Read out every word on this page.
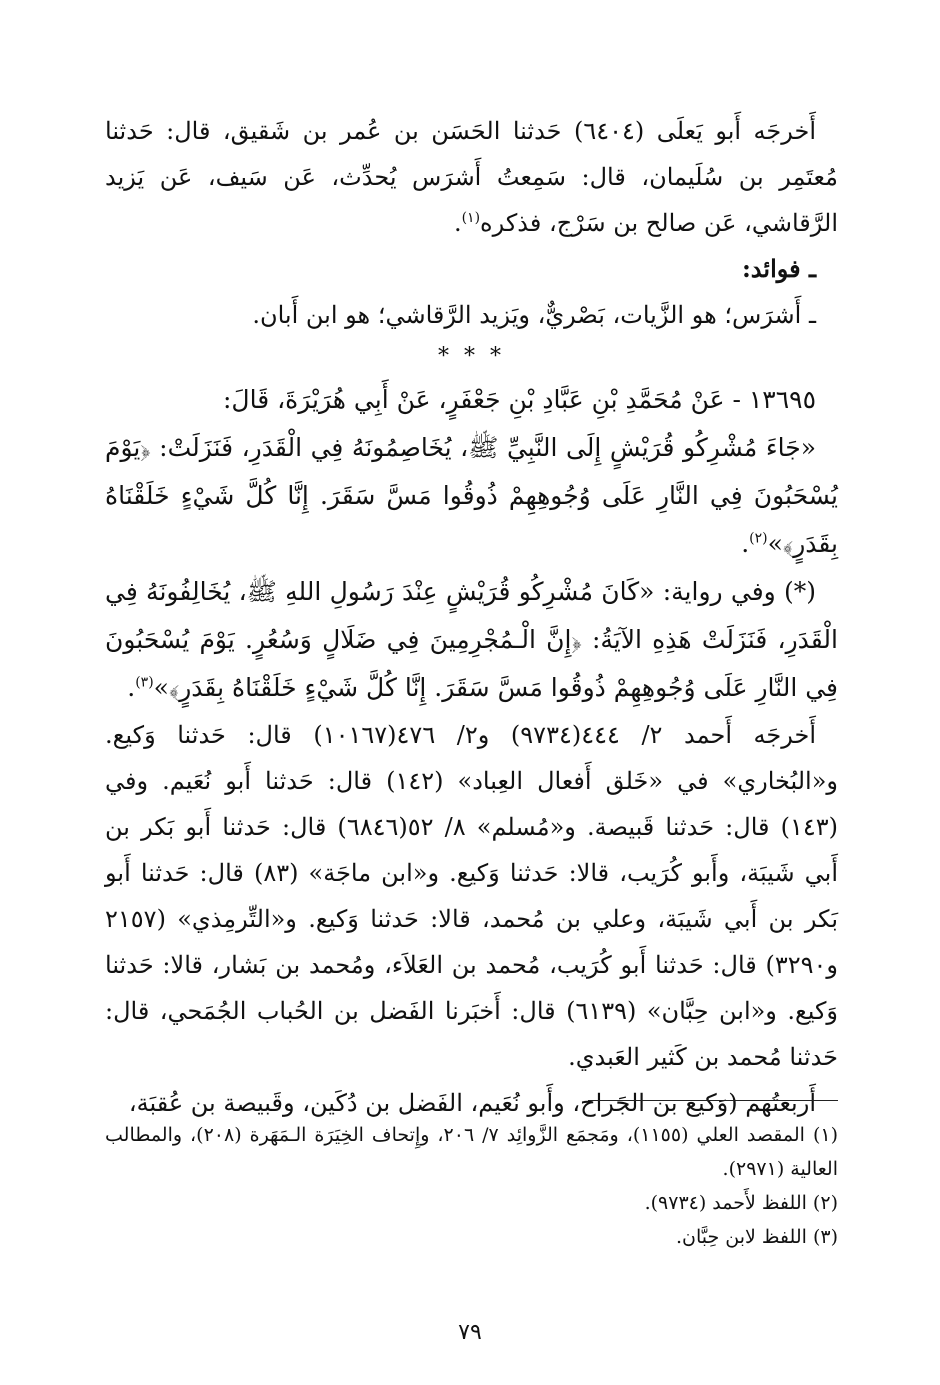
أَخرجَه أَبو يَعلَى (٦٤٠٤) حَدثنا الحَسَن بن عُمر بن شَقيق، قال: حَدثنا مُعتَمِر بن سُلَيمان، قال: سَمِعتُ أَشرَس يُحدِّث، عَن سَيف، عَن يَزيد الرَّقاشي، عَن صالح بن سَرْج، فذكره$^{(١)}$.

ـ فوائد:

ـ أَشرَس؛ هو الزَّيات، بَصْريٌّ، ويَزيد الرَّقاشي؛ هو ابن أَبان.

* * *

١٣٦٩٥ - عَنْ مُحَمَّدِ بْنِ عَبَّادِ بْنِ جَعْفَرٍ، عَنْ أَبِي هُرَيْرَةَ، قَالَ:

«جَاءَ مُشْرِكُو قُرَيْشٍ إِلَى النَّبِيِّ ﷺ، يُخَاصِمُونَهُ فِي الْقَدَرِ، فَنَزَلَتْ: ﴿يَوْمَ يُسْحَبُونَ فِي النَّارِ عَلَى وُجُوهِهِمْ ذُوقُوا مَسَّ سَقَرَ. إِنَّا كُلَّ شَيْءٍ خَلَقْنَاهُ بِقَدَرٍ﴾»$^{(٢)}$.

(*) وفي رواية: «كَانَ مُشْرِكُو قُرَيْشٍ عِنْدَ رَسُولِ اللهِ ﷺ، يُخَالِفُونَهُ فِي الْقَدَرِ، فَنَزَلَتْ هَذِهِ الآيَةُ: ﴿إِنَّ الْـمُجْرِمِينَ فِي ضَلَالٍ وَسُعُرٍ. يَوْمَ يُسْحَبُونَ فِي النَّارِ عَلَى وُجُوهِهِمْ ذُوقُوا مَسَّ سَقَرَ. إِنَّا كُلَّ شَيْءٍ خَلَقْنَاهُ بِقَدَرٍ﴾»$^{(٣)}$.

أَخرجَه أَحمد ٢/ ٤٤٤(٩٧٣٤) و٢/ ٤٧٦(١٠١٦٧) قال: حَدثنا وَكيع. و«البُخاري» في «خَلق أَفعال العِباد» (١٤٢) قال: حَدثنا أَبو نُعَيم. وفي (١٤٣) قال: حَدثنا قَبيصة. و«مُسلم» ٨/ ٥٢(٦٨٤٦) قال: حَدثنا أَبو بَكر بن أَبي شَيبَة، وأَبو كُرَيب، قالا: حَدثنا وَكيع. و«ابن ماجَة» (٨٣) قال: حَدثنا أَبو بَكر بن أَبي شَيبَة، وعلي بن مُحمد، قالا: حَدثنا وَكيع. و«التِّرمِذي» (٢١٥٧ و٣٢٩٠) قال: حَدثنا أَبو كُرَيب، مُحمد بن العَلاَء، ومُحمد بن بَشار، قالا: حَدثنا وَكيع. و«ابن حِبَّان» (٦١٣٩) قال: أَخبَرنا الفَضل بن الحُباب الجُمَحي، قال: حَدثنا مُحمد بن كَثير العَبدي.

أَربعتُهم (وَكيع بن الجَراح، وأَبو نُعَيم، الفَضل بن دُكَين، وقَبيصة بن عُقبَة،

(١) المقصد العلي (١١٥٥)، ومَجمَع الزَّوائِد ٧/ ٢٠٦، وإِتحاف الخِيَرَة الـمَهَرة (٢٠٨)، والمطالب العالية (٢٩٧١).

(٢) اللفظ لأَحمد (٩٧٣٤).

(٣) اللفظ لابن حِبَّان.

٧٩
